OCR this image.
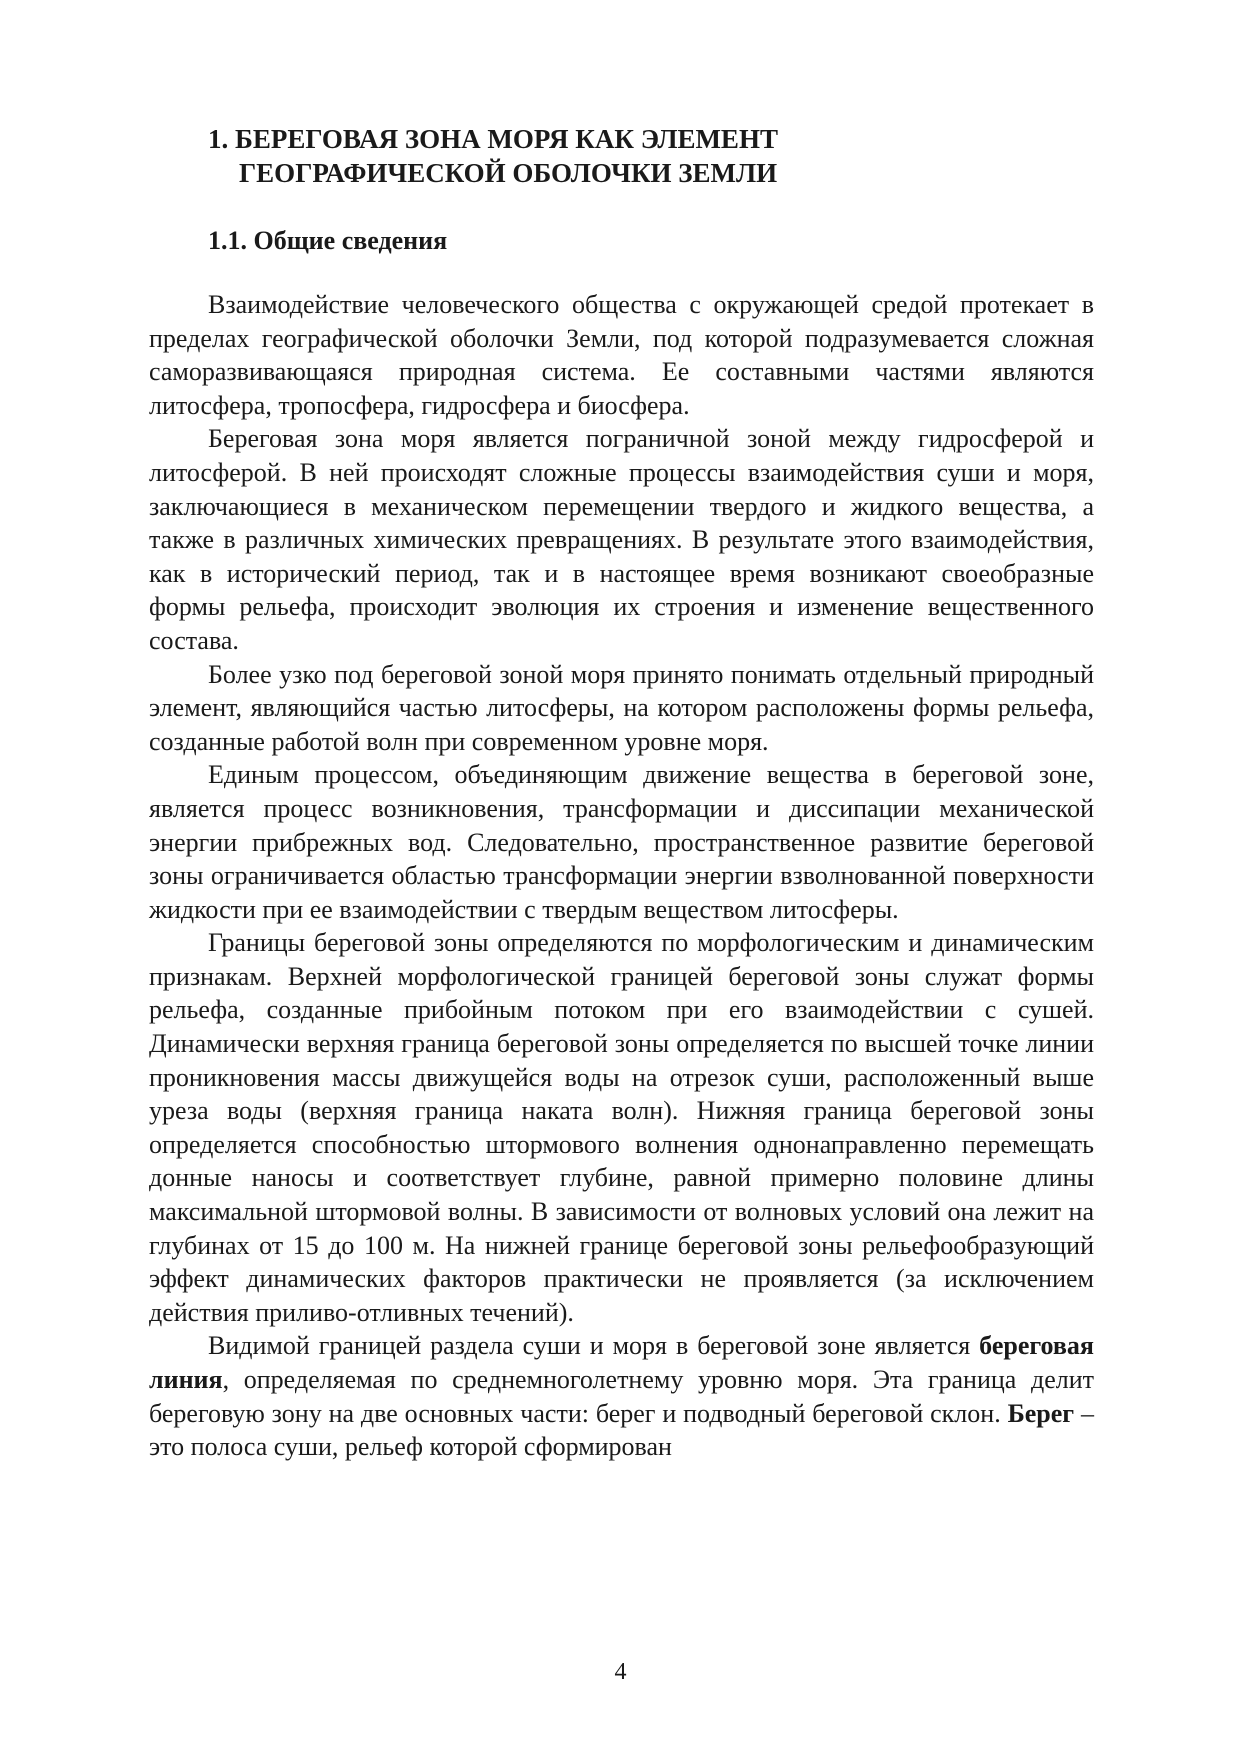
1. БЕРЕГОВАЯ ЗОНА МОРЯ КАК ЭЛЕМЕНТ
ГЕОГРАФИЧЕСКОЙ ОБОЛОЧКИ ЗЕМЛИ
1.1. Общие сведения

Взаимодействие человеческого общества с окружающей средой протекает в пределах географической оболочки Земли, под которой подразумевается сложная саморазвивающаяся природная система. Ее составными частями являются литосфера, тропосфера, гидросфера и биосфера.

Береговая зона моря является пограничной зоной между гидросферой и литосферой. В ней происходят сложные процессы взаимодействия суши и моря, заключающиеся в механическом перемещении твердого и жидкого вещества, а также в различных химических превращениях. В результате этого взаимодействия, как в исторический период, так и в настоящее время возникают своеобразные формы рельефа, происходит эволюция их строения и изменение вещественного состава.

Более узко под береговой зоной моря принято понимать отдельный природный элемент, являющийся частью литосферы, на котором расположены формы рельефа, созданные работой волн при современном уровне моря.

Единым процессом, объединяющим движение вещества в береговой зоне, является процесс возникновения, трансформации и диссипации механической энергии прибрежных вод. Следовательно, пространственное развитие береговой зоны ограничивается областью трансформации энергии взволнованной поверхности жидкости при ее взаимодействии с твердым веществом литосферы.

Границы береговой зоны определяются по морфологическим и динамическим признакам. Верхней морфологической границей береговой зоны служат формы рельефа, созданные прибойным потоком при его взаимодействии с сушей. Динамически верхняя граница береговой зоны определяется по высшей точке линии проникновения массы движущейся воды на отрезок суши, расположенный выше уреза воды (верхняя граница наката волн). Нижняя граница береговой зоны определяется способностью штормового волнения однонаправленно перемещать донные наносы и соответствует глубине, равной примерно половине длины максимальной штормовой волны. В зависимости от волновых условий она лежит на глубинах от 15 до 100 м. На нижней границе береговой зоны рельефообразующий эффект динамических факторов практически не проявляется (за исключением действия приливо-отливных течений).

Видимой границей раздела суши и моря в береговой зоне является береговая линия, определяемая по среднемноголетнему уровню моря. Эта граница делит береговую зону на две основных части: берег и подводный береговой склон. Берег – это полоса суши, рельеф которой сформирован

4
